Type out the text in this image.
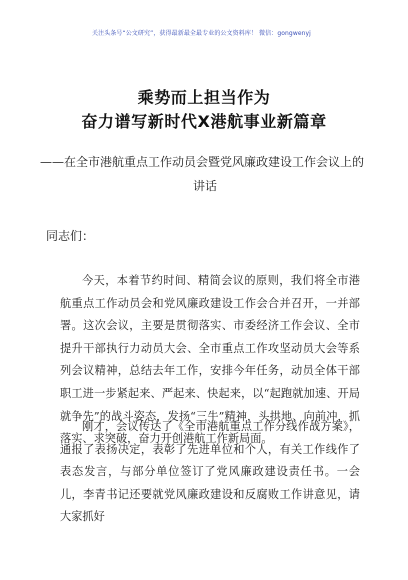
关注头条号“公文研究”，获得最新最全最专业的公文资料库！ 微信：gongwenyj
乘势而上担当作为
奋力谱写新时代X港航事业新篇章
——在全市港航重点工作动员会暨党风廉政建设工作会议上的
讲话
同志们：

今天，本着节约时间、精简会议的原则，我们将全市港航重点工作动员会和党风廉政建设工作会合并召开，一并部署。这次会议，主要是贯彻落实、市委经济工作会议、全市提升干部执行力动员大会、全市重点工作攻坚动员大会等系列会议精神，总结去年工作，安排今年任务，动员全体干部职工进一步紧起来、严起来、快起来，以“起跑就加速、开局就争先”的战斗姿态，发扬“三牛”精神，头拱地、向前冲，抓落实、求突破，奋力开创港航工作新局面。

刚才，会议传达了《全市港航重点工作分线作战方案》，通报了表扬决定，表彰了先进单位和个人，有关工作线作了表态发言，与部分单位签订了党风廉政建设责任书。一会儿，李青书记还要就党风廉政建设和反腐败工作讲意见，请大家抓好
